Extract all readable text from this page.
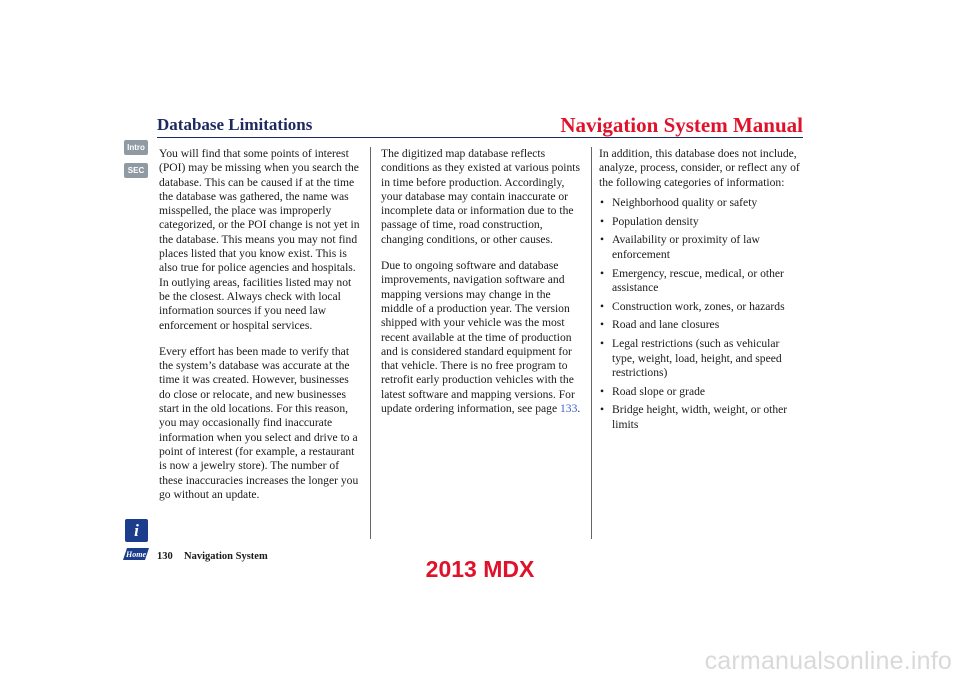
Database Limitations	Navigation System Manual
Intro
SEC

You will find that some points of interest (POI) may be missing when you search the database. This can be caused if at the time the database was gathered, the name was misspelled, the place was improperly categorized, or the POI change is not yet in the database. This means you may not find places listed that you know exist. This is also true for police agencies and hospitals. In outlying areas, facilities listed may not be the closest. Always check with local information sources if you need law enforcement or hospital services.

Every effort has been made to verify that the system’s database was accurate at the time it was created. However, businesses do close or relocate, and new businesses start in the old locations. For this reason, you may occasionally find inaccurate information when you select and drive to a point of interest (for example, a restaurant is now a jewelry store). The number of these inaccuracies increases the longer you go without an update.

The digitized map database reflects conditions as they existed at various points in time before production. Accordingly, your database may contain inaccurate or incomplete data or information due to the passage of time, road construction, changing conditions, or other causes.

Due to ongoing software and database improvements, navigation software and mapping versions may change in the middle of a production year. The version shipped with your vehicle was the most recent available at the time of production and is considered standard equipment for that vehicle. There is no free program to retrofit early production vehicles with the latest software and mapping versions. For update ordering information, see page 133.

In addition, this database does not include, analyze, process, consider, or reflect any of the following categories of information:

• Neighborhood quality or safety
• Population density
• Availability or proximity of law enforcement
• Emergency, rescue, medical, or other assistance
• Construction work, zones, or hazards
• Road and lane closures
• Legal restrictions (such as vehicular type, weight, load, height, and speed restrictions)
• Road slope or grade
• Bridge height, width, weight, or other limits
i
Home 130 Navigation System	2013 MDX
carmanualsonline.info
